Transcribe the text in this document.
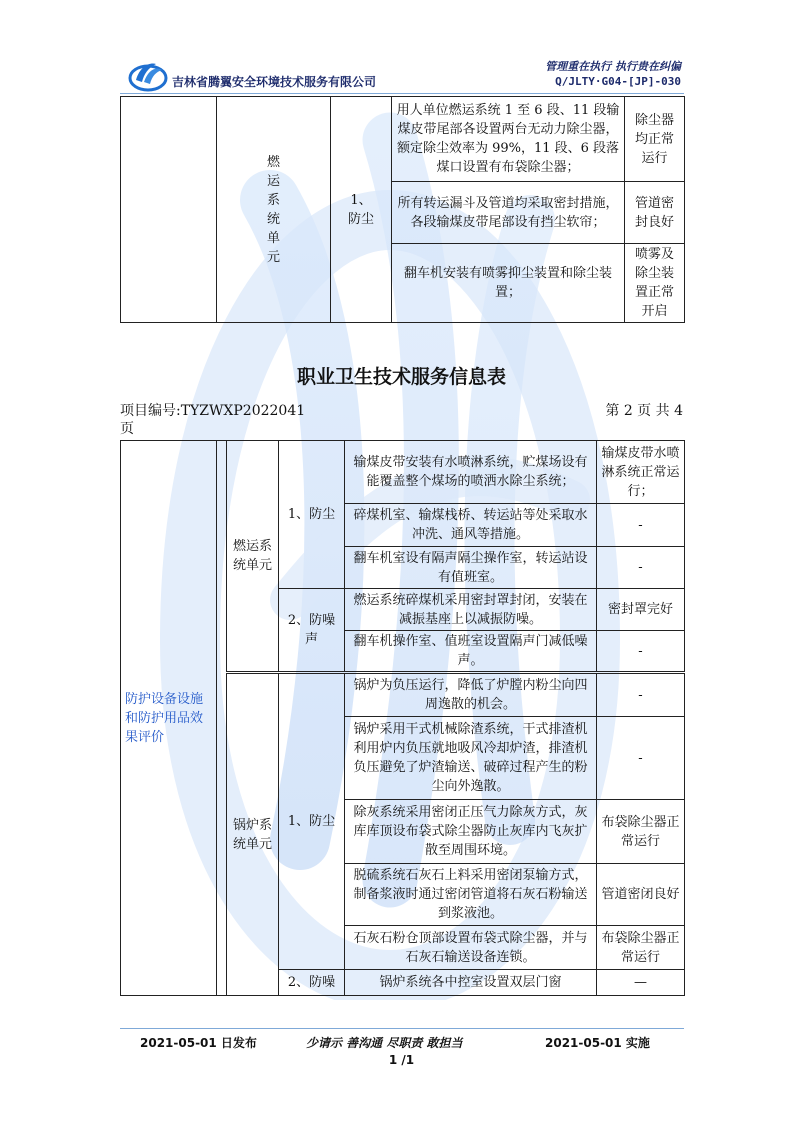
吉林省腾翼安全环境技术服务有限公司
管理重在执行 执行贵在纠偏
Q/JLTY·G04-[JP]-030
	燃运系统单元	1、防尘	用人单位燃运系统 1 至 6 段、11 段输煤皮带尾部各设置两台无动力除尘器，额定除尘效率为 99%，11 段、6 段落煤口设置有布袋除尘器；	除尘器均正常运行
			所有转运漏斗及管道均采取密封措施，各段输煤皮带尾部设有挡尘软帘；	管道密封良好
			翻车机安装有喷雾抑尘装置和除尘装置；	喷雾及除尘装置正常开启
职业卫生技术服务信息表
项目编号:TYZWXP2022041
页
第 2 页 共 4
防护设备设施和防护用品效果评价		燃运系统单元	1、防尘	输煤皮带安装有水喷淋系统，贮煤场设有能覆盖整个煤场的喷洒水除尘系统；	输煤皮带水喷淋系统正常运行；
				碎煤机室、输煤栈桥、转运站等处采取水冲洗、通风等措施。	-
				翻车机室设有隔声隔尘操作室，转运站设有值班室。	-
			2、防噪声	燃运系统碎煤机采用密封罩封闭，安装在减振基座上以减振防噪。	密封罩完好
				翻车机操作室、值班室设置隔声门减低噪声。	-
		锅炉系统单元	1、防尘	锅炉为负压运行，降低了炉膛内粉尘向四周逸散的机会。	-
				锅炉采用干式机械除渣系统，干式排渣机利用炉内负压就地吸风冷却炉渣，排渣机负压避免了炉渣输送、破碎过程产生的粉尘向外逸散。	-
				除灰系统采用密闭正压气力除灰方式，灰库库顶设布袋式除尘器防止灰库内飞灰扩散至周围环境。	布袋除尘器正常运行
				脱硫系统石灰石上料采用密闭泵输方式，制备浆液时通过密闭管道将石灰石粉输送到浆液池。	管道密闭良好
				石灰石粉仓顶部设置布袋式除尘器，并与石灰石输送设备连锁。	布袋除尘器正常运行
			2、防噪	锅炉系统各中控室设置双层门窗	—
2021-05-01 日发布	少请示 善沟通 尽职责 敢担当	2021-05-01 实施
1 /1
